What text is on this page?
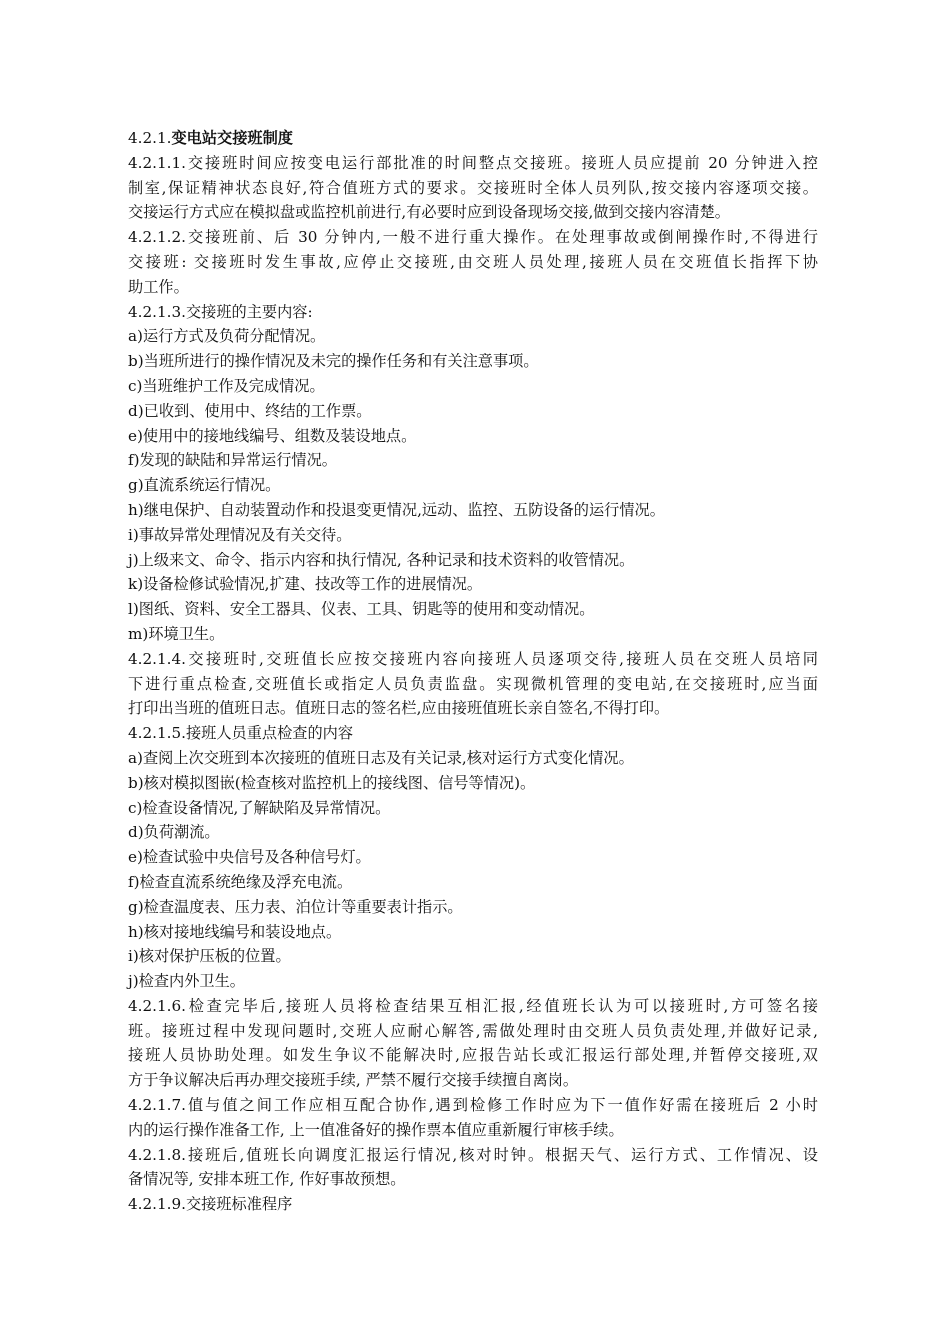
4.2.1.变电站交接班制度
4.2.1.1.交接班时间应按变电运行部批准的时间整点交接班。接班人员应提前 20 分钟进入控
制室,保证精神状态良好,符合值班方式的要求。交接班时全体人员列队,按交接内容逐项交接。
交接运行方式应在模拟盘或监控机前进行,有必要时应到设备现场交接,做到交接内容清楚。
4.2.1.2.交接班前、后 30 分钟内,一般不进行重大操作。在处理事故或倒闸操作时,不得进行
交接班: 交接班时发生事故,应停止交接班,由交班人员处理,接班人员在交班值长指挥下协
助工作。
4.2.1.3.交接班的主要内容:
a)运行方式及负荷分配情况。
b)当班所进行的操作情况及未完的操作任务和有关注意事项。
c)当班维护工作及完成情况。
d)已收到、使用中、终结的工作票。
e)使用中的接地线编号、组数及装设地点。
f)发现的缺陆和异常运行情况。
g)直流系统运行情况。
h)继电保护、自动装置动作和投退变更情况,远动、监控、五防设备的运行情况。
i)事故异常处理情况及有关交待。
j)上级来文、命令、指示内容和执行情况, 各种记录和技术资料的收管情况。
k)设备检修试验情况,扩建、技改等工作的进展情况。
l)图纸、资料、安全工器具、仪表、工具、钥匙等的使用和变动情况。
m)环境卫生。
4.2.1.4.交接班时,交班值长应按交接班内容向接班人员逐项交待,接班人员在交班人员培同
下进行重点检查,交班值长或指定人员负责监盘。实现微机管理的变电站,在交接班时,应当面
打印出当班的值班日志。值班日志的签名栏,应由接班值班长亲自签名,不得打印。
4.2.1.5.接班人员重点检查的内容
a)查阅上次交班到本次接班的值班日志及有关记录,核对运行方式变化情况。
b)核对模拟图嵌(检查核对监控机上的接线图、信号等情况)。
c)检查设备情况,了解缺陷及异常情况。
d)负荷潮流。
e)检查试验中央信号及各种信号灯。
f)检查直流系统绝缘及浮充电流。
g)检查温度表、压力表、泊位计等重要表计指示。
h)核对接地线编号和装设地点。
i)核对保护压板的位置。
j)检查内外卫生。
4.2.1.6.检查完毕后,接班人员将检查结果互相汇报,经值班长认为可以接班时,方可签名接
班。接班过程中发现问题时,交班人应耐心解答,需做处理时由交班人员负责处理,并做好记录,
接班人员协助处理。如发生争议不能解决时,应报告站长或汇报运行部处理,并暂停交接班,双
方于争议解决后再办理交接班手续, 严禁不履行交接手续擅自离岗。
4.2.1.7.值与值之间工作应相互配合协作,遇到检修工作时应为下一值作好需在接班后 2 小时
内的运行操作准备工作, 上一值准备好的操作票本值应重新履行审核手续。
4.2.1.8.接班后,值班长向调度汇报运行情况,核对时钟。根据天气、运行方式、工作情况、设
备情况等, 安排本班工作, 作好事故预想。
4.2.1.9.交接班标准程序
